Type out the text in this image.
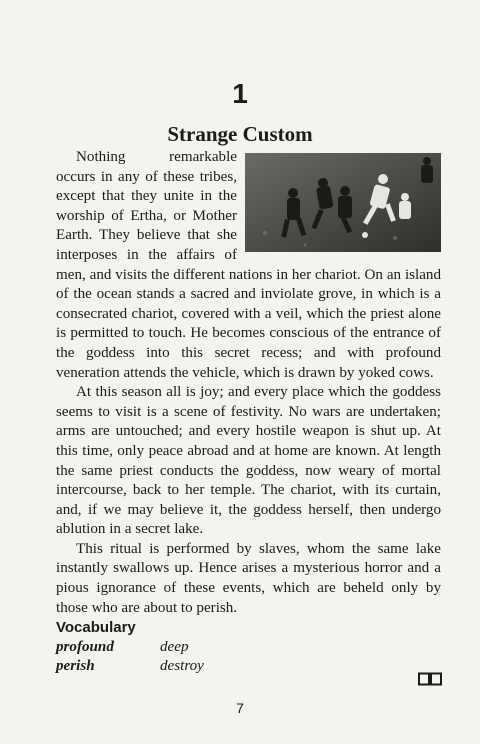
1
Strange Custom

Nothing remarkable occurs in any of these tribes, except that they unite in the worship of Ertha, or Mother Earth. They believe that she interposes in the affairs of men, and visits the different nations in her chariot. On an island of the ocean stands a sacred and inviolate grove, in which is a consecrated chariot, covered with a veil, which the priest alone is permitted to touch. He becomes conscious of the entrance of the goddess into this secret recess; and with profound veneration attends the vehicle, which is drawn by yoked cows.

At this season all is joy; and every place which the goddess seems to visit is a scene of festivity. No wars are undertaken; arms are untouched; and every hostile weapon is shut up. At this time, only peace abroad and at home are known. At length the same priest conducts the goddess, now weary of mortal intercourse, back to her temple. The chariot, with its curtain, and, if we may believe it, the goddess herself, then undergo ablution in a secret lake.

This ritual is performed by slaves, whom the same lake instantly swallows up. Hence arises a mysterious horror and a pious ignorance of these events, which are beheld only by those who are about to perish.

Vocabulary
profound	deep
perish	destroy
7
